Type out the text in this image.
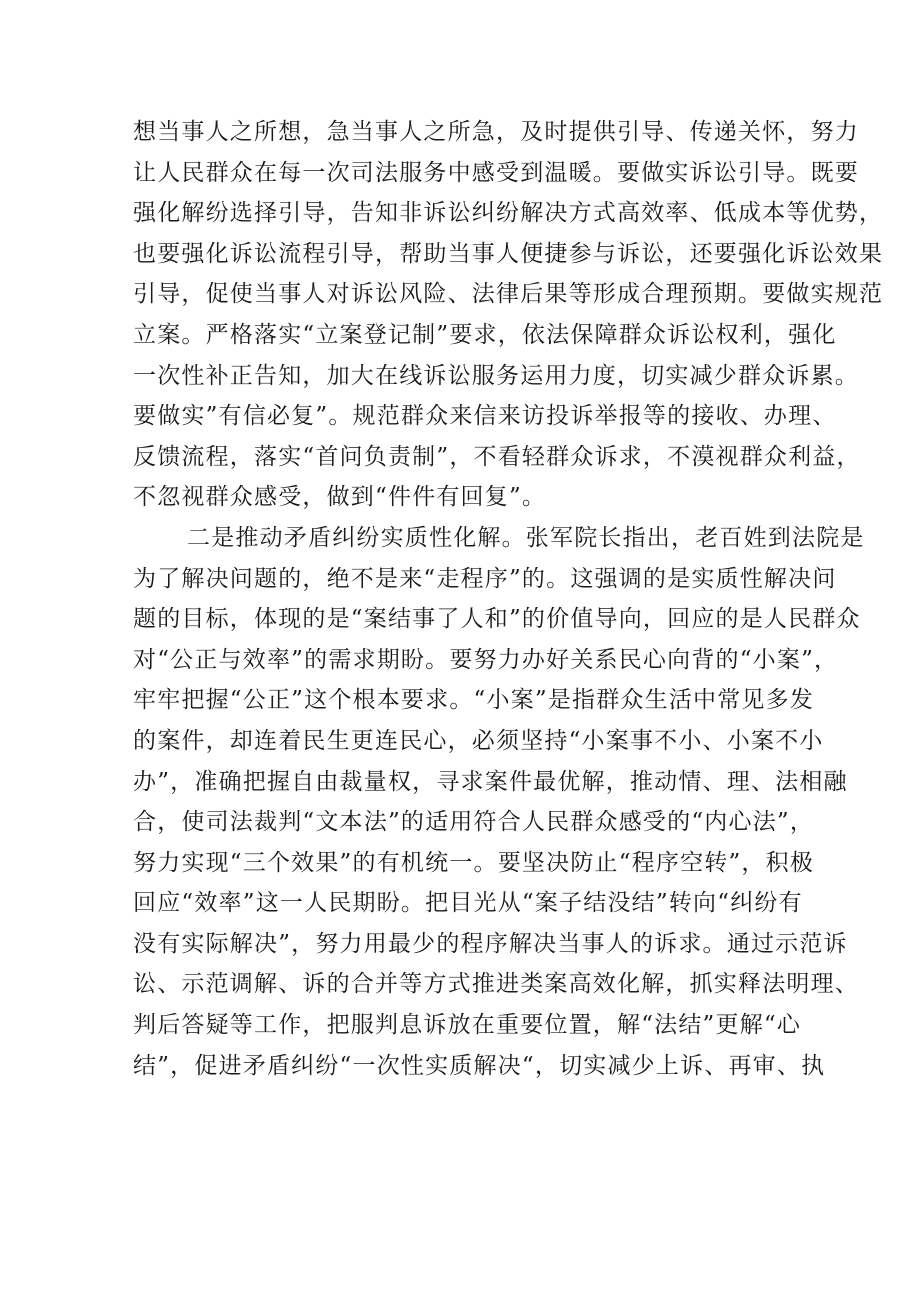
想当事人之所想，急当事人之所急，及时提供引导、传递关怀，努力
让人民群众在每一次司法服务中感受到温暖。要做实诉讼引导。既要
强化解纷选择引导，告知非诉讼纠纷解决方式高效率、低成本等优势，
也要强化诉讼流程引导，帮助当事人便捷参与诉讼，还要强化诉讼效果
引导，促使当事人对诉讼风险、法律后果等形成合理预期。要做实规范
立案。严格落实“立案登记制”要求，依法保障群众诉讼权利，强化
一次性补正告知，加大在线诉讼服务运用力度，切实减少群众诉累。
要做实”有信必复”。规范群众来信来访投诉举报等的接收、办理、
反馈流程，落实“首问负责制”，不看轻群众诉求，不漠视群众利益，
不忽视群众感受，做到“件件有回复”。
二是推动矛盾纠纷实质性化解。张军院长指出，老百姓到法院是
为了解决问题的，绝不是来“走程序”的。这强调的是实质性解决问
题的目标，体现的是“案结事了人和”的价值导向，回应的是人民群众
对“公正与效率”的需求期盼。要努力办好关系民心向背的“小案”，
牢牢把握“公正”这个根本要求。“小案”是指群众生活中常见多发
的案件，却连着民生更连民心，必须坚持“小案事不小、小案不小
办”，准确把握自由裁量权，寻求案件最优解，推动情、理、法相融
合，使司法裁判“文本法”的适用符合人民群众感受的“内心法”，
努力实现“三个效果”的有机统一。要坚决防止“程序空转”，积极
回应“效率”这一人民期盼。把目光从“案子结没结”转向“纠纷有
没有实际解决”，努力用最少的程序解决当事人的诉求。通过示范诉
讼、示范调解、诉的合并等方式推进类案高效化解，抓实释法明理、
判后答疑等工作，把服判息诉放在重要位置，解“法结”更解“心
结”，促进矛盾纠纷“一次性实质解决“，切实减少上诉、再审、执
